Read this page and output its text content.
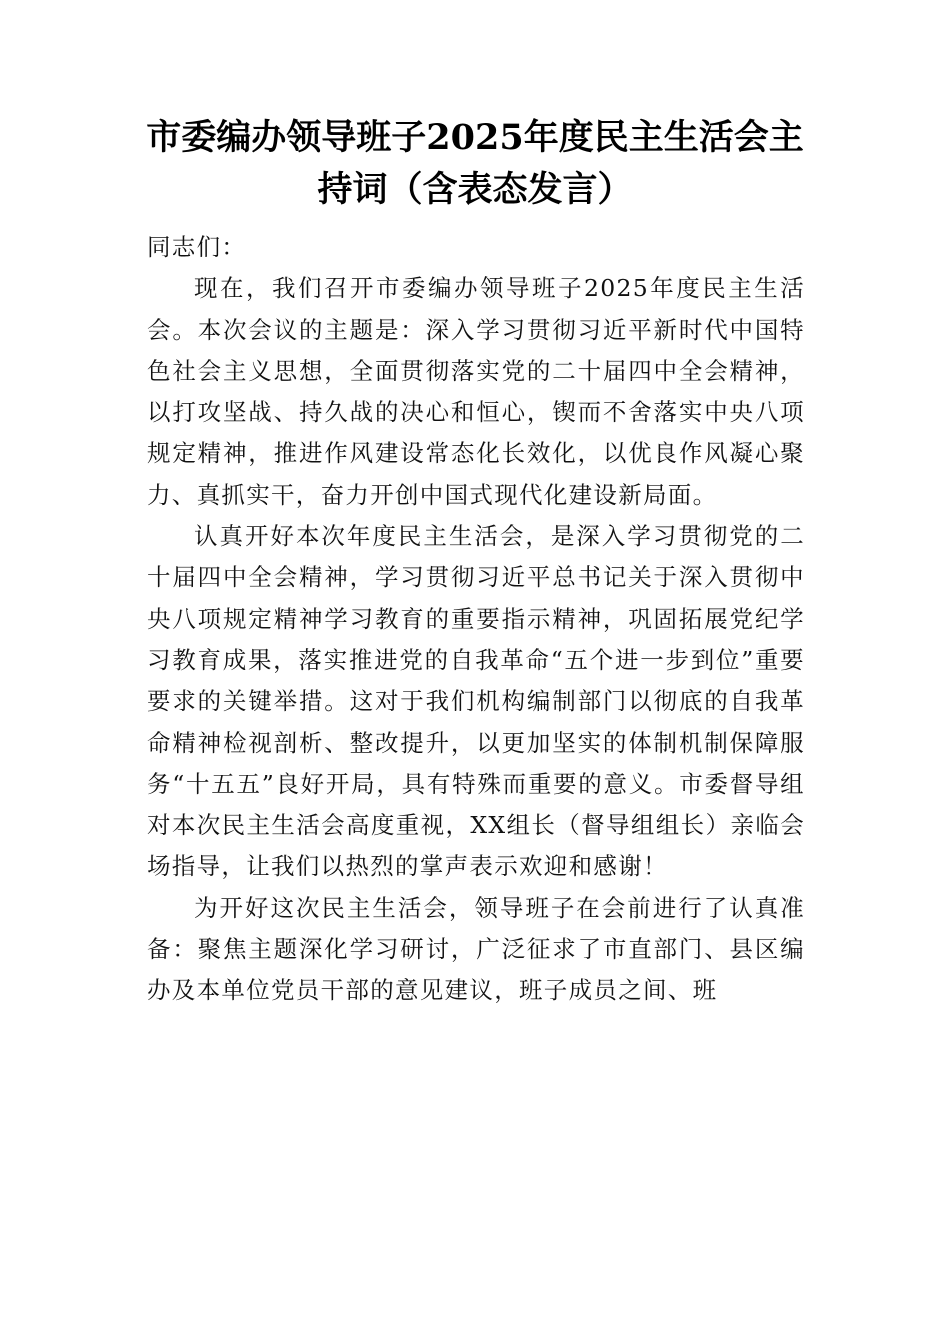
市委编办领导班子2025年度民主生活会主持词（含表态发言）

同志们：

现在，我们召开市委编办领导班子2025年度民主生活会。本次会议的主题是：深入学习贯彻习近平新时代中国特色社会主义思想，全面贯彻落实党的二十届四中全会精神，以打攻坚战、持久战的决心和恒心，锲而不舍落实中央八项规定精神，推进作风建设常态化长效化，以优良作风凝心聚力、真抓实干，奋力开创中国式现代化建设新局面。

认真开好本次年度民主生活会，是深入学习贯彻党的二十届四中全会精神，学习贯彻习近平总书记关于深入贯彻中央八项规定精神学习教育的重要指示精神，巩固拓展党纪学习教育成果，落实推进党的自我革命“五个进一步到位”重要要求的关键举措。这对于我们机构编制部门以彻底的自我革命精神检视剖析、整改提升，以更加坚实的体制机制保障服务“十五五”良好开局，具有特殊而重要的意义。市委督导组对本次民主生活会高度重视，XX组长（督导组组长）亲临会场指导，让我们以热烈的掌声表示欢迎和感谢！

为开好这次民主生活会，领导班子在会前进行了认真准备：聚焦主题深化学习研讨，广泛征求了市直部门、县区编办及本单位党员干部的意见建议，班子成员之间、班
